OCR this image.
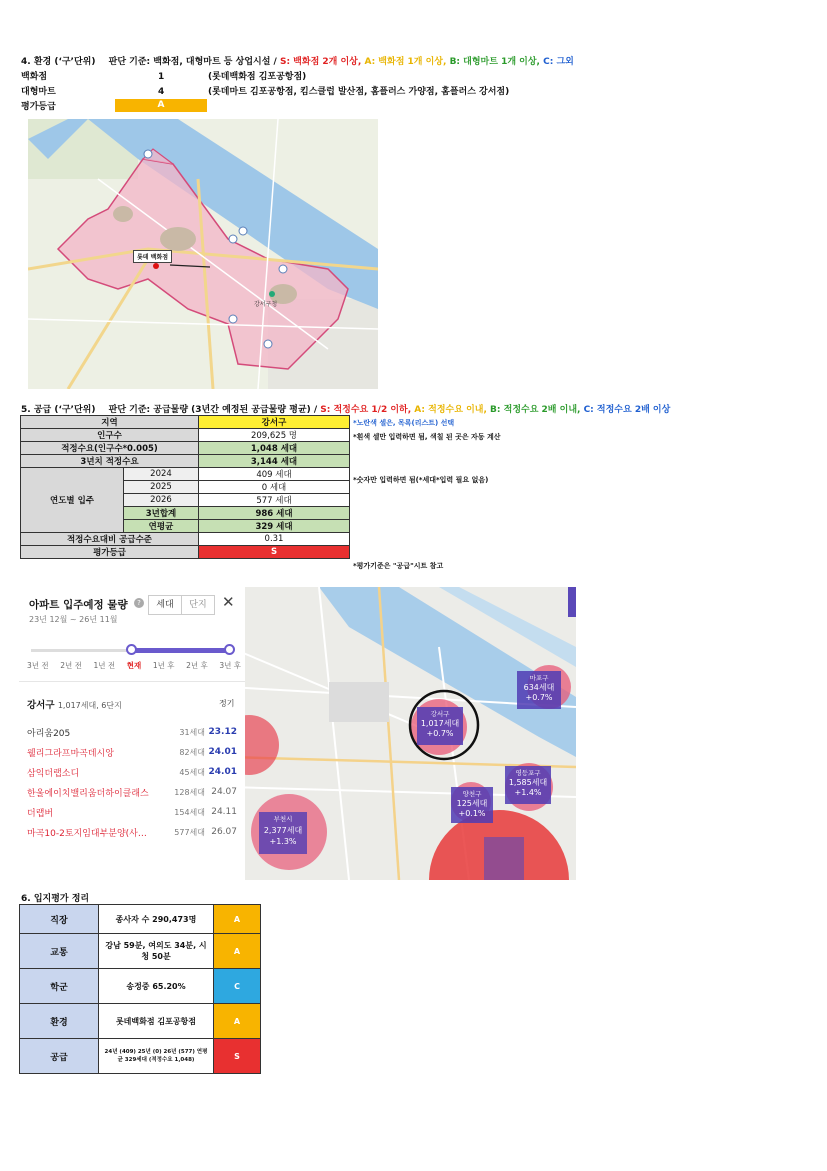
4. 환경 (‘구’단위) 판단 기준: 백화점, 대형마트 등 상업시설 / S: 백화점 2개 이상, A: 백화점 1개 이상, B: 대형마트 1개 이상, C: 그외
백화점	1	(롯데백화점 김포공항점)
대형마트	4	(롯데마트 김포공항점, 킴스클럽 발산점, 홈플러스 가양점, 홈플러스 강서점)
평가등급	A
롯데 백화점
강서구청
5. 공급 (‘구’단위) 판단 기준: 공급물량 (3년간 예정된 공급물량 평균) / S: 적정수요 1/2 이하, A: 적정수요 이내, B: 적정수요 2배 이내, C: 적정수요 2배 이상
지역		강서구
인구수		209,625 명
적정수요(인구수*0.005)		1,048 세대
3년치 적정수요		3,144 세대
연도별 입주	2024	409 세대
	2025	0 세대
	2026	577 세대
	3년합계	986 세대
	연평균	329 세대
적정수요대비 공급수준		0.31
평가등급		S
*노란색 셀은, 목록(리스트) 선택
*흰색 셀만 입력하면 됨, 색칠 된 곳은 자동 계산
*숫자만 입력하면 됨(*세대*입력 필요 없음)
*평가기준은 "공급"시트 참고
마포구
634세대
+0.7%
강서구
1,017세대
+0.7%
영등포구
1,585세대
+1.4%
양천구
125세대
+0.1%
부천시
2,377세대
+1.3%
아파트 입주예정 물량	?	세대	단지	✕
23년 12월 ~ 26년 11월
3년 전 2년 전 1년 전 현재 1년 후 2년 후 3년 후
강서구 1,017세대, 6단지	정기
아리움205	31세대 23.12
웰리그라프마곡데시앙	82세대 24.01
삼익더랩소디	45세대 24.01
한울에이치밸리움더하이클래스	128세대 24.07
더랩버	154세대 24.11
마곡10-2토지임대부분양(사…	577세대 26.07
6. 입지평가 정리
직장	종사자 수 290,473명	A
교통	강남 59분, 여의도 34분, 시청 50분	A
학군	송정중 65.20%	C
환경	롯데백화점 김포공항점	A
공급	24년 (409) 25년 (0) 26년 (577) 연평균 329세대 (적정수요 1,048)	S
